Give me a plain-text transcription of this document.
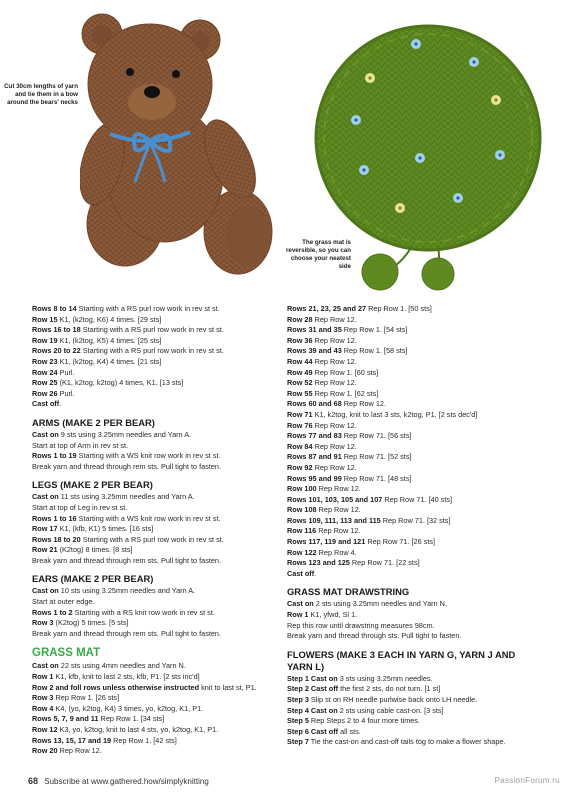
Cut 30cm lengths of yarn and tie them in a bow around the bears' necks
The grass mat is reversible, so you can choose your neatest side

Rows 8 to 14 Starting with a RS purl row work in rev st st.

Row 15 K1, (k2tog, K6) 4 times. [29 sts]

Rows 16 to 18 Starting with a RS purl row work in rev st st.

Row 19 K1, (k2tog, K5) 4 times. [25 sts]

Rows 20 to 22 Starting with a RS purl row work in rev st st.

Row 23 K1, (k2tog, K4) 4 times. [21 sts]

Row 24 Purl.

Row 25 (K1, k2tog, k2tog) 4 times, K1. [13 sts]

Row 26 Purl.

Cast off.

ARMS (MAKE 2 PER BEAR)

Cast on 9 sts using 3.25mm needles and Yarn A.

Start at top of Arm in rev st st.

Rows 1 to 19 Starting with a WS knit row work in rev st st.

Break yarn and thread through rem sts. Pull tight to fasten.

LEGS (MAKE 2 PER BEAR)

Cast on 11 sts using 3.25mm needles and Yarn A.

Start at top of Leg in rev st st.

Rows 1 to 16 Starting with a WS knit row work in rev st st.

Row 17 K1, (kfb, K1) 5 times. [16 sts]

Rows 18 to 20 Starting with a RS purl row work in rev st st.

Row 21 (K2tog) 8 times. [8 sts]

Break yarn and thread through rem sts. Pull tight to fasten.

EARS (MAKE 2 PER BEAR)

Cast on 10 sts using 3.25mm needles and Yarn A.

Start at outer edge.

Rows 1 to 2 Starting with a RS knit row work in rev st st.

Row 3 (K2tog) 5 times. [5 sts]

Break yarn and thread through rem sts. Pull tight to fasten.

GRASS MAT

Cast on 22 sts using 4mm needles and Yarn N.

Row 1 K1, kfb, knit to last 2 sts, kfb, P1. [2 sts inc'd]

Row 2 and foll rows unless otherwise instructed knit to last st, P1.

Row 3 Rep Row 1. [26 sts]

Row 4 K4, (yo, k2tog, K4) 3 times, yo, k2tog, K1, P1.

Rows 5, 7, 9 and 11 Rep Row 1. [34 sts]

Row 12 K3, yo, k2tog, knit to last 4 sts, yo, k2tog, K1, P1.

Rows 13, 15, 17 and 19 Rep Row 1. [42 sts]

Row 20 Rep Row 12.

Rows 21, 23, 25 and 27 Rep Row 1. [50 sts]

Row 28 Rep Row 12.

Rows 31 and 35 Rep Row 1. [54 sts]

Row 36 Rep Row 12.

Rows 39 and 43 Rep Row 1. [58 sts]

Row 44 Rep Row 12.

Row 49 Rep Row 1. [60 sts]

Row 52 Rep Row 12.

Row 55 Rep Row 1. [62 sts]

Rows 60 and 68 Rep Row 12.

Row 71 K1, k2tog, knit to last 3 sts, k2tog, P1. [2 sts dec'd]

Row 76 Rep Row 12.

Rows 77 and 83 Rep Row 71. [56 sts]

Row 84 Rep Row 12.

Rows 87 and 91 Rep Row 71. [52 sts]

Row 92 Rep Row 12.

Rows 95 and 99 Rep Row 71. [48 sts]

Row 100 Rep Row 12.

Rows 101, 103, 105 and 107 Rep Row 71. [40 sts]

Row 108 Rep Row 12.

Rows 109, 111, 113 and 115 Rep Row 71. [32 sts]

Row 116 Rep Row 12.

Rows 117, 119 and 121 Rep Row 71. [26 sts]

Row 122 Rep Row 4.

Rows 123 and 125 Rep Row 71. [22 sts]

Cast off.

GRASS MAT DRAWSTRING

Cast on 2 sts using 3.25mm needles and Yarn N.

Row 1 K1, yfwd, Sl 1.

Rep this row until drawstring measures 98cm.

Break yarn and thread through sts. Pull tight to fasten.

FLOWERS (MAKE 3 EACH IN YARN G, YARN J AND
YARN L)

Step 1 Cast on 3 sts using 3.25mm needles.

Step 2 Cast off the first 2 sts, do not turn. [1 st]

Step 3 Slip st on RH needle purlwise back onto LH needle.

Step 4 Cast on 2 sts using cable cast-on. [3 sts]

Step 5 Rep Steps 2 to 4 four more times.

Step 6 Cast off all sts.

Step 7 Tie the cast-on and cast-off tails tog to make a flower shape.

68 Subscribe at www.gathered.how/simplyknitting	PassionForum.ru
